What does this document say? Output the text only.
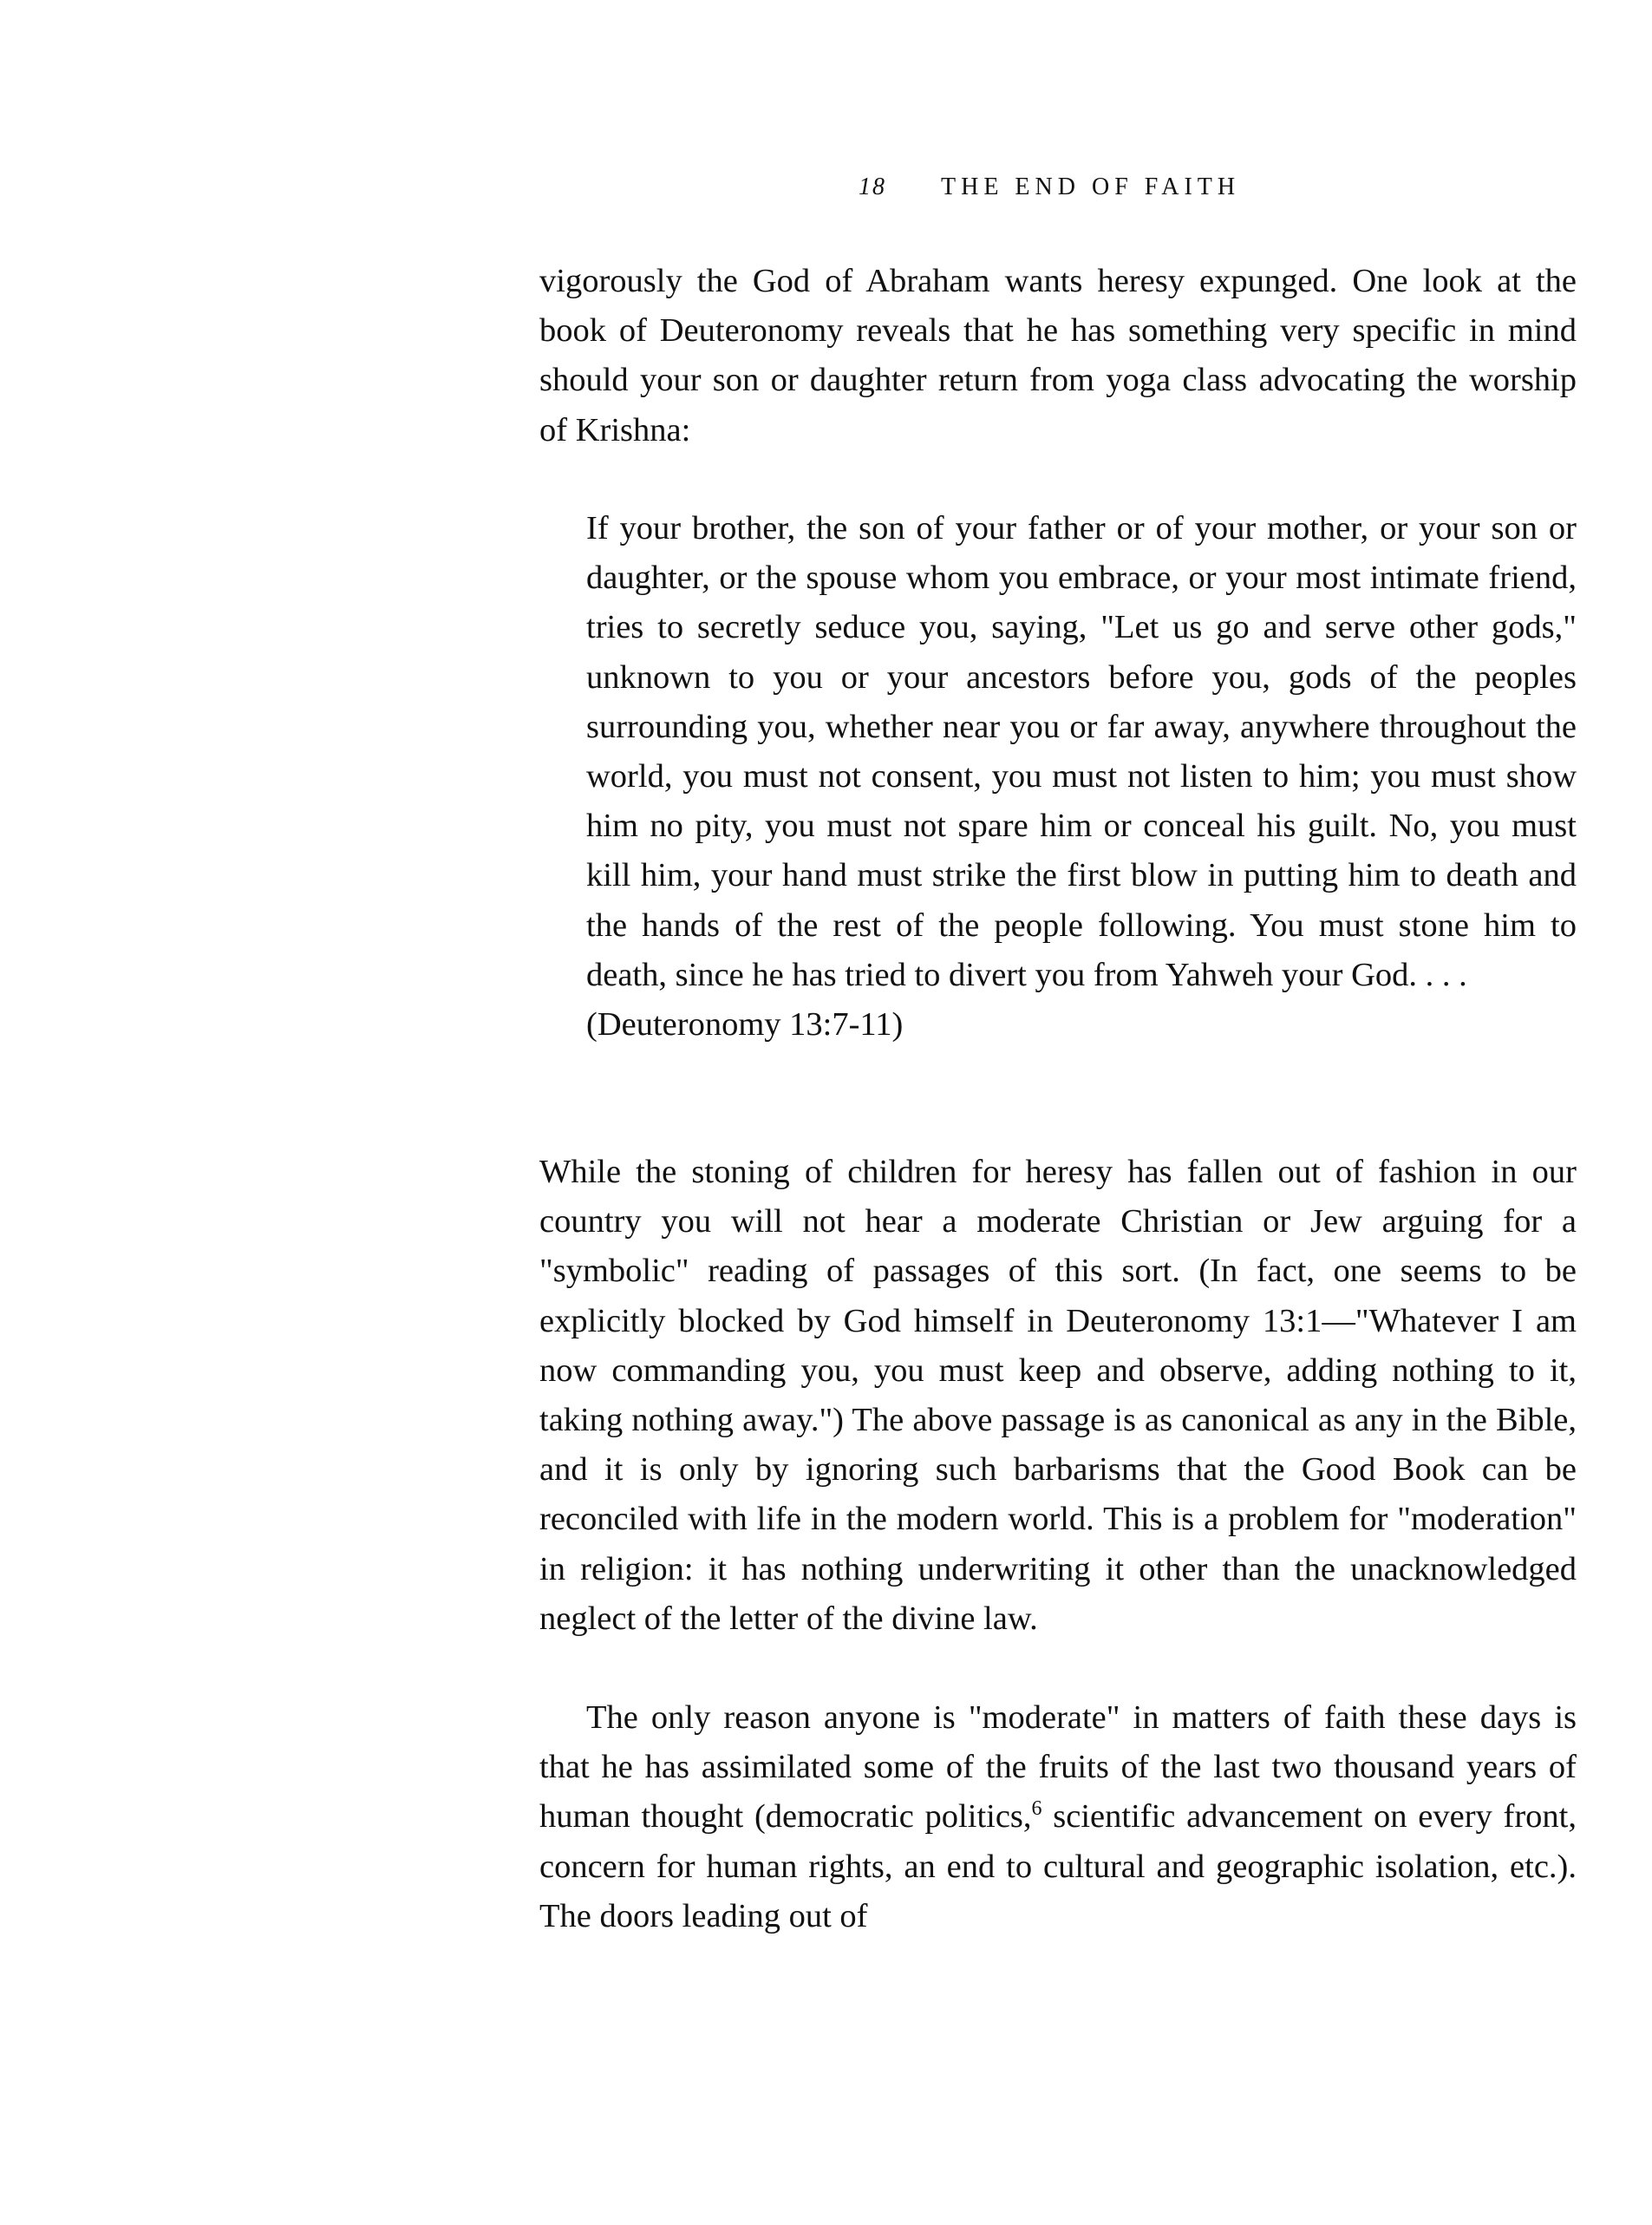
18 THE END OF FAITH

vigorously the God of Abraham wants heresy expunged. One look at the book of Deuteronomy reveals that he has something very specific in mind should your son or daughter return from yoga class advocating the worship of Krishna:

If your brother, the son of your father or of your mother, or your son or daughter, or the spouse whom you embrace, or your most intimate friend, tries to secretly seduce you, saying, "Let us go and serve other gods," unknown to you or your ancestors before you, gods of the peoples surrounding you, whether near you or far away, anywhere throughout the world, you must not consent, you must not listen to him; you must show him no pity, you must not spare him or conceal his guilt. No, you must kill him, your hand must strike the first blow in putting him to death and the hands of the rest of the people following. You must stone him to death, since he has tried to divert you from Yahweh your God. . . .
(Deuteronomy 13:7-11)

While the stoning of children for heresy has fallen out of fashion in our country you will not hear a moderate Christian or Jew arguing for a "symbolic" reading of passages of this sort. (In fact, one seems to be explicitly blocked by God himself in Deuteronomy 13:1—"Whatever I am now commanding you, you must keep and observe, adding nothing to it, taking nothing away.") The above passage is as canonical as any in the Bible, and it is only by ignoring such barbarisms that the Good Book can be reconciled with life in the modern world. This is a problem for "moderation" in religion: it has nothing underwriting it other than the unacknowledged neglect of the letter of the divine law.

The only reason anyone is "moderate" in matters of faith these days is that he has assimilated some of the fruits of the last two thousand years of human thought (democratic politics,$^6$ scientific advancement on every front, concern for human rights, an end to cultural and geographic isolation, etc.). The doors leading out of
